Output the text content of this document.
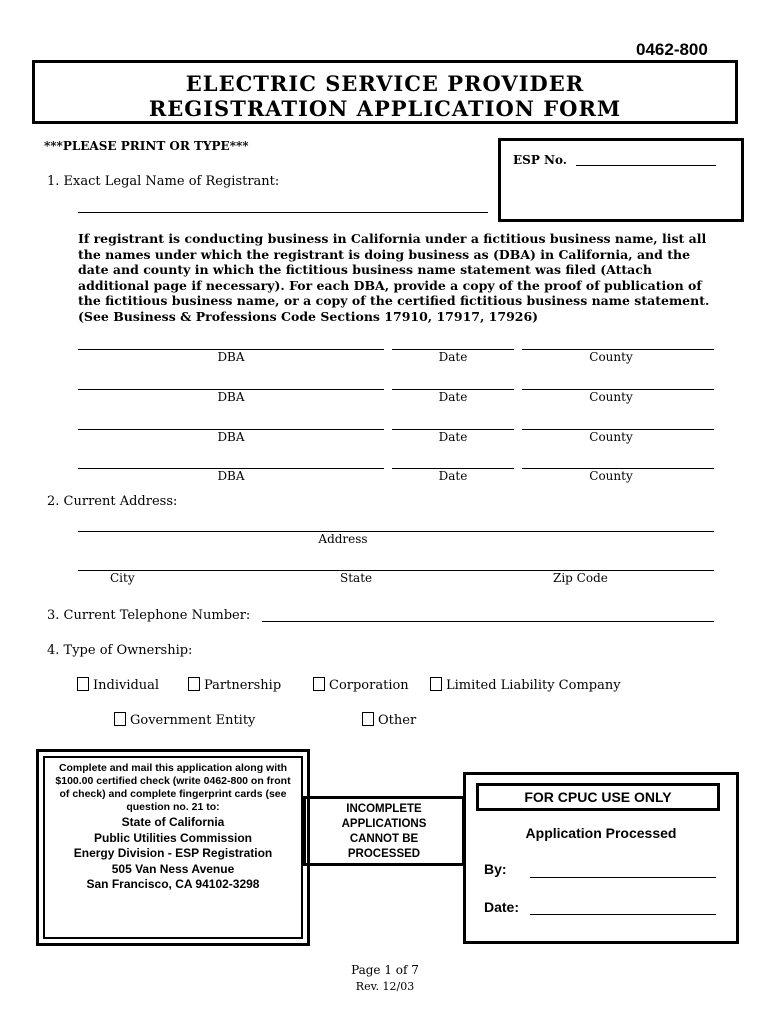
0462-800
ELECTRIC SERVICE PROVIDER
REGISTRATION APPLICATION FORM
***PLEASE PRINT OR TYPE***
ESP No.
1. Exact Legal Name of Registrant:
If registrant is conducting business in California under a fictitious business name, list all the names under which the registrant is doing business as (DBA) in California, and the date and county in which the fictitious business name statement was filed (Attach additional page if necessary). For each DBA, provide a copy of the proof of publication of the fictitious business name, or a copy of the certified fictitious business name statement. (See Business & Professions Code Sections 17910, 17917, 17926)
DBA	Date	County
DBA	Date	County
DBA	Date	County
DBA	Date	County
2. Current Address:
Address
City	State	Zip Code
3. Current Telephone Number:
4. Type of Ownership:
Individual	Partnership	Corporation	Limited Liability Company
Government Entity	Other
Complete and mail this application along with $100.00 certified check (write 0462-800 on front of check) and complete fingerprint cards (see question no. 21 to:
State of California
Public Utilities Commission
Energy Division - ESP Registration
505 Van Ness Avenue
San Francisco, CA 94102-3298
INCOMPLETE
APPLICATIONS
CANNOT BE
PROCESSED
FOR CPUC USE ONLY
Application Processed
By:
Date:
Page 1 of 7
Rev. 12/03
